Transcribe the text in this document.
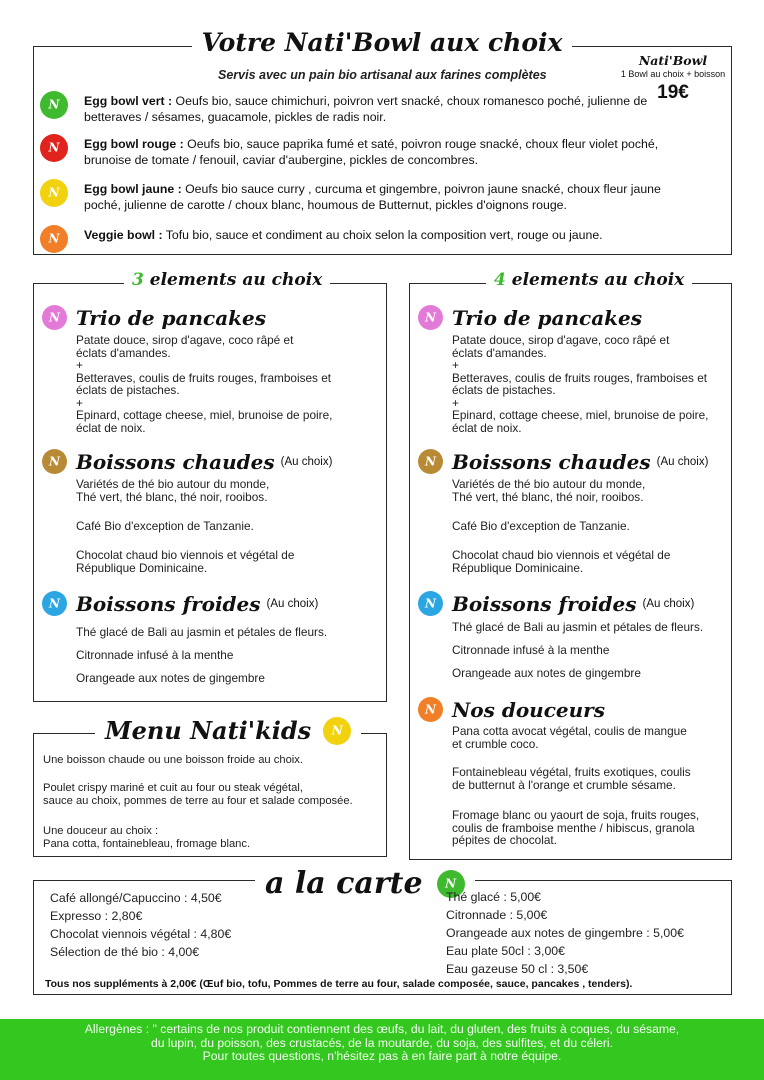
Votre Nati'Bowl aux choix
Servis avec un pain bio artisanal aux farines complètes
Nati'Bowl
1 Bowl au choix + boisson
19€
N
Egg bowl vert : Oeufs bio, sauce chimichuri, poivron vert snacké, choux romanesco poché, julienne de betteraves / sésames, guacamole, pickles de radis noir.
N
Egg bowl rouge : Oeufs bio, sauce paprika fumé et saté, poivron rouge snacké, choux fleur violet poché, brunoise de tomate / fenouil, caviar d'aubergine, pickles de concombres.
N
Egg bowl jaune : Oeufs bio sauce curry , curcuma et gingembre, poivron jaune snacké, choux fleur jaune poché, julienne de carotte / choux blanc, houmous de Butternut, pickles d'oignons rouge.
N
Veggie bowl : Tofu bio, sauce et condiment au choix selon la composition vert, rouge ou jaune.
3 elements au choix
N
Trio de pancakes
Patate douce, sirop d'agave, coco râpé et
éclats d'amandes.
+
Betteraves, coulis de fruits rouges, framboises et
éclats de pistaches.
+
Epinard, cottage cheese, miel, brunoise de poire,
éclat de noix.
N
Boissons chaudes (Au choix)
Variétés de thé bio autour du monde,
Thé vert, thé blanc, thé noir, rooibos.
Café Bio d'exception de Tanzanie.
Chocolat chaud bio viennois et végétal de
République Dominicaine.
N
Boissons froides (Au choix)
Thé glacé de Bali au jasmin et pétales de fleurs.
Citronnade infusé à la menthe
Orangeade aux notes de gingembre
4 elements au choix
N
Trio de pancakes
Patate douce, sirop d'agave, coco râpé et
éclats d'amandes.
+
Betteraves, coulis de fruits rouges, framboises et
éclats de pistaches.
+
Epinard, cottage cheese, miel, brunoise de poire,
éclat de noix.
N
Boissons chaudes (Au choix)
Variétés de thé bio autour du monde,
Thé vert, thé blanc, thé noir, rooibos.
Café Bio d'exception de Tanzanie.
Chocolat chaud bio viennois et végétal de
République Dominicaine.
N
Boissons froides (Au choix)
Thé glacé de Bali au jasmin et pétales de fleurs.
Citronnade infusé à la menthe
Orangeade aux notes de gingembre
N
Nos douceurs
Pana cotta avocat végétal, coulis de mangue
et crumble coco.
Fontainebleau végétal, fruits exotiques, coulis
de butternut à l'orange et crumble sésame.
Fromage blanc ou yaourt de soja, fruits rouges,
coulis de framboise menthe / hibiscus, granola
pépites de chocolat.
Menu Nati'kids
N
Une boisson chaude ou une boisson froide au choix.
Poulet crispy mariné et cuit au four ou steak végétal,
sauce au choix, pommes de terre au four et salade composée.
Une douceur au choix :
Pana cotta, fontainebleau, fromage blanc.
a la carte
N
Café allongé/Capuccino : 4,50€
Expresso : 2,80€
Chocolat viennois végétal : 4,80€
Sélection de thé bio : 4,00€
Thé glacé : 5,00€
Citronnade : 5,00€
Orangeade aux notes de gingembre : 5,00€
Eau plate 50cl : 3,00€
Eau gazeuse 50 cl : 3,50€
Tous nos suppléments à 2,00€ (Œuf bio, tofu, Pommes de terre au four, salade composée, sauce, pancakes , tenders).
Allergènes : " certains de nos produit contiennent des œufs, du lait, du gluten, des fruits à coques, du sésame,
du lupin, du poisson, des crustacés, de la moutarde, du soja, des sulfites, et du céleri.
Pour toutes questions, n'hésitez pas à en faire part à notre équipe.
